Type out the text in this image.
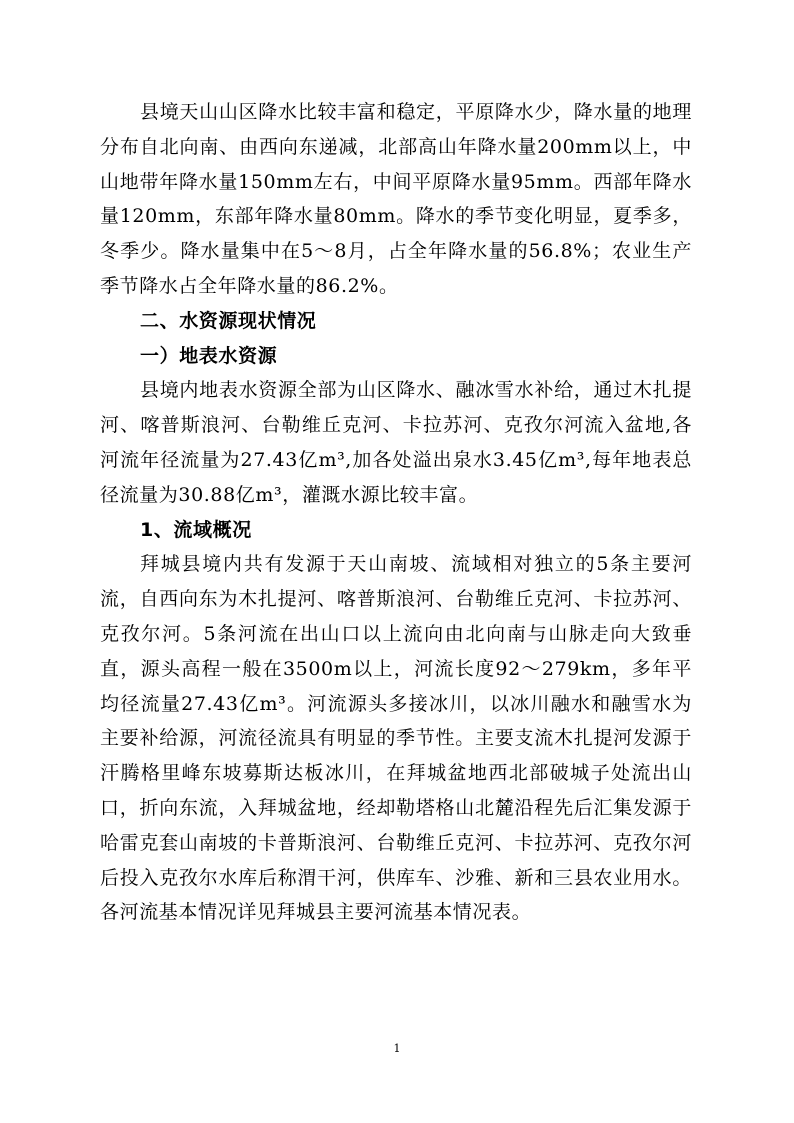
县境天山山区降水比较丰富和稳定，平原降水少，降水量的地理分布自北向南、由西向东递减，北部高山年降水量200mm以上，中山地带年降水量150mm左右，中间平原降水量95mm。西部年降水量120mm，东部年降水量80mm。降水的季节变化明显，夏季多，冬季少。降水量集中在5～8月，占全年降水量的56.8%；农业生产季节降水占全年降水量的86.2%。

二、水资源现状情况

一）地表水资源

县境内地表水资源全部为山区降水、融冰雪水补给，通过木扎提河、喀普斯浪河、台勒维丘克河、卡拉苏河、克孜尔河流入盆地,各河流年径流量为27.43亿m³,加各处溢出泉水3.45亿m³,每年地表总径流量为30.88亿m³，灌溉水源比较丰富。

1、流域概况

拜城县境内共有发源于天山南坡、流域相对独立的5条主要河流，自西向东为木扎提河、喀普斯浪河、台勒维丘克河、卡拉苏河、克孜尔河。5条河流在出山口以上流向由北向南与山脉走向大致垂直，源头高程一般在3500m以上，河流长度92～279km，多年平均径流量27.43亿m³。河流源头多接冰川，以冰川融水和融雪水为主要补给源，河流径流具有明显的季节性。主要支流木扎提河发源于汗腾格里峰东坡募斯达板冰川，在拜城盆地西北部破城子处流出山口，折向东流，入拜城盆地，经却勒塔格山北麓沿程先后汇集发源于哈雷克套山南坡的卡普斯浪河、台勒维丘克河、卡拉苏河、克孜尔河后投入克孜尔水库后称渭干河，供库车、沙雅、新和三县农业用水。各河流基本情况详见拜城县主要河流基本情况表。

1
